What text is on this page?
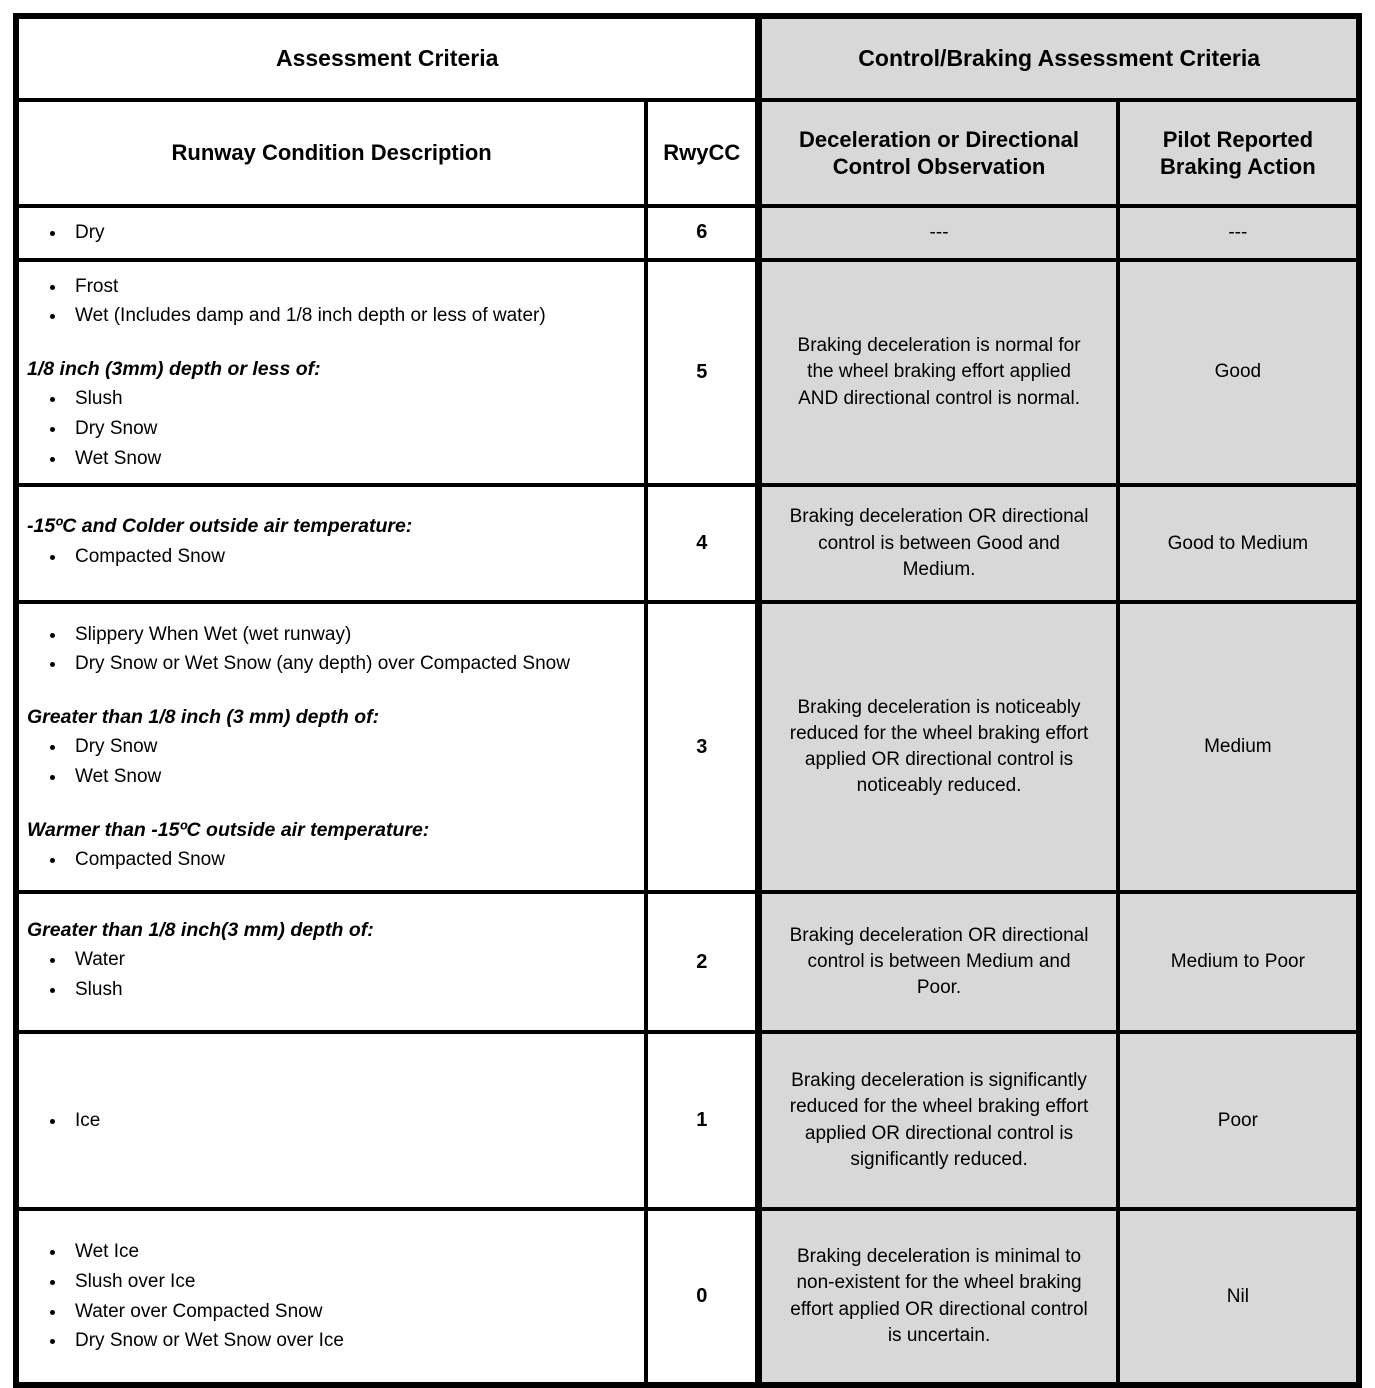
Assessment Criteria		Control/Braking Assessment Criteria	
Runway Condition Description	RwyCC	Deceleration or Directional Control Observation	Pilot Reported Braking Action

• Dry	6	---	---

• Frost
• Wet (Includes damp and 1/8 inch depth or less of water)

1/8 inch (3mm) depth or less of:

• Slush
• Dry Snow
• Wet Snow
	5	Braking deceleration is normal for the wheel braking effort applied AND directional control is normal.	Good

-15ºC and Colder outside air temperature:

• Compacted Snow
	4	Braking deceleration OR directional control is between Good and Medium.	Good to Medium

• Slippery When Wet (wet runway)
• Dry Snow or Wet Snow (any depth) over Compacted Snow

Greater than 1/8 inch (3 mm) depth of:

• Dry Snow
• Wet Snow

Warmer than -15ºC outside air temperature:

• Compacted Snow
	3	Braking deceleration is noticeably reduced for the wheel braking effort applied OR directional control is noticeably reduced.	Medium

Greater than 1/8 inch(3 mm) depth of:

• Water
• Slush
	2	Braking deceleration OR directional control is between Medium and Poor.	Medium to Poor

• Ice	1	Braking deceleration is significantly reduced for the wheel braking effort applied OR directional control is significantly reduced.	Poor

• Wet Ice
• Slush over Ice
• Water over Compacted Snow
• Dry Snow or Wet Snow over Ice
	0	Braking deceleration is minimal to non-existent for the wheel braking effort applied OR directional control is uncertain.	Nil
